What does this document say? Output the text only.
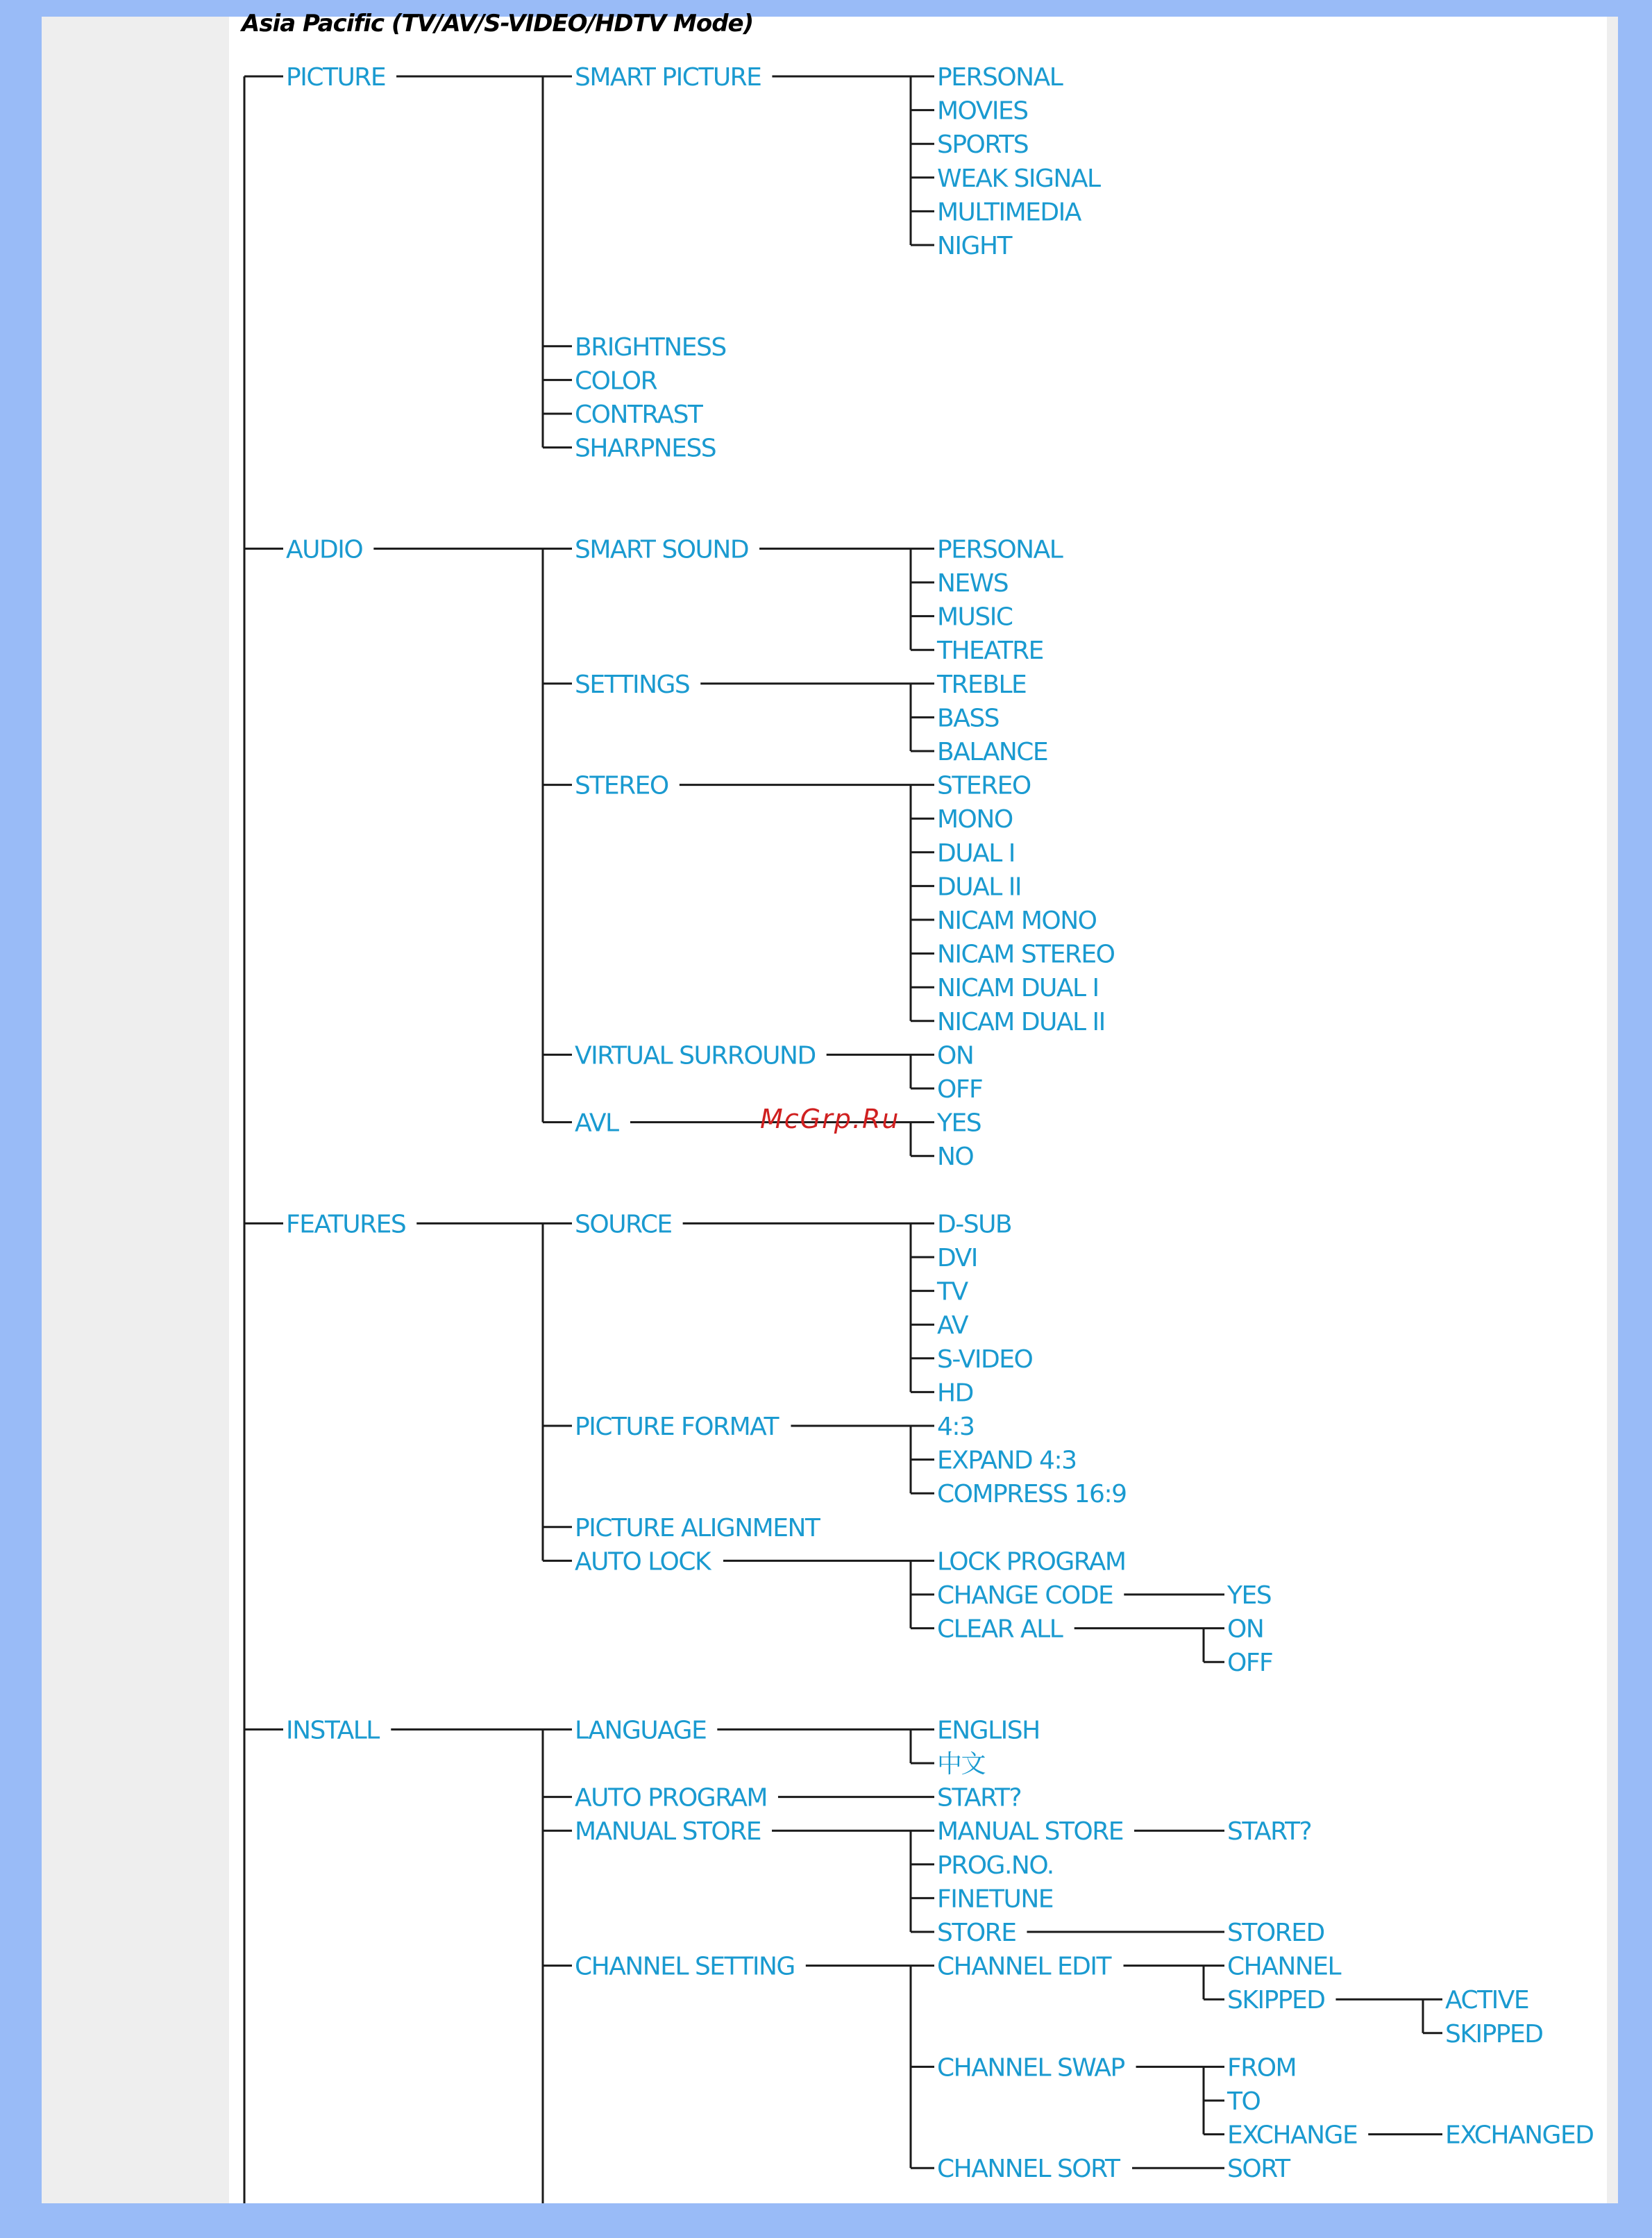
Asia Pacific (TV/AV/S-VIDEO/HDTV Mode)
PICTURE
AUDIO
FEATURES
INSTALL
SMART PICTURE
BRIGHTNESS
COLOR
CONTRAST
SHARPNESS
PERSONAL
MOVIES
SPORTS
WEAK SIGNAL
MULTIMEDIA
NIGHT
SMART SOUND
SETTINGS
STEREO
VIRTUAL SURROUND
AVL
PERSONAL
NEWS
MUSIC
THEATRE
TREBLE
BASS
BALANCE
STEREO
MONO
DUAL I
DUAL II
NICAM MONO
NICAM STEREO
NICAM DUAL I
NICAM DUAL II
ON
OFF
YES
NO
SOURCE
PICTURE FORMAT
PICTURE ALIGNMENT
AUTO LOCK
D-SUB
DVI
TV
AV
S-VIDEO
HD
4:3
EXPAND 4:3
COMPRESS 16:9
LOCK PROGRAM
CHANGE CODE
CLEAR ALL
YES
ON
OFF
LANGUAGE
AUTO PROGRAM
MANUAL STORE
CHANNEL SETTING
ENGLISH
中文
START?
MANUAL STORE
PROG.NO.
FINETUNE
STORE
START?
STORED
CHANNEL EDIT
CHANNEL SWAP
CHANNEL SORT
CHANNEL
SKIPPED	ACTIVE
SKIPPED
FROM
TO
EXCHANGE	EXCHANGED
SORT
McGrp.Ru
